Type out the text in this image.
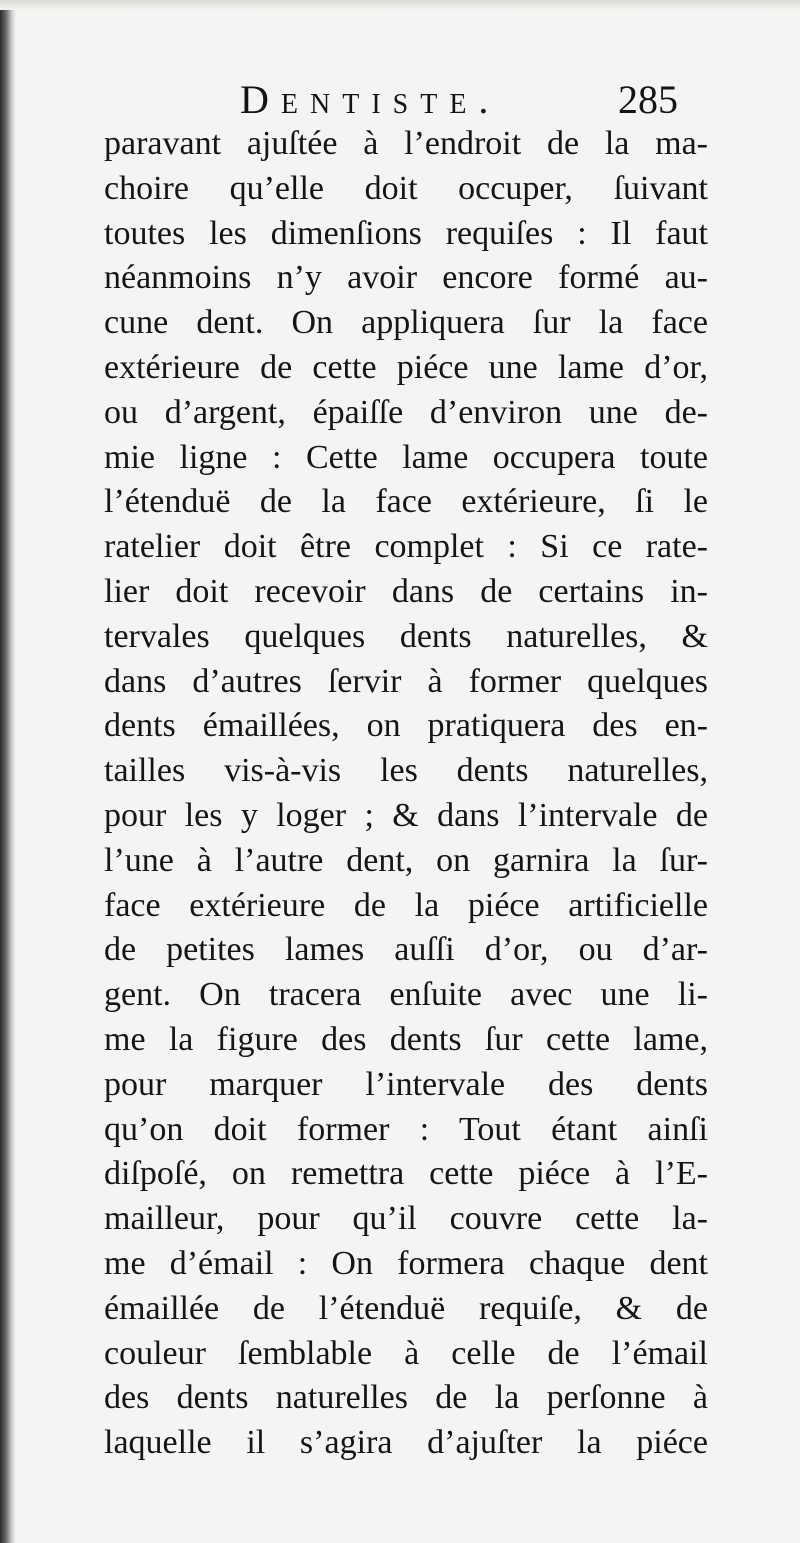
Dentiste.	285
paravant ajuſtée à l’endroit de la ma-
choire qu’elle doit occuper, ſuivant
toutes les dimenſions requiſes : Il faut
néanmoins n’y avoir encore formé au-
cune dent. On appliquera ſur la face
extérieure de cette piéce une lame d’or,
ou d’argent, épaiſſe d’environ une de-
mie ligne : Cette lame occupera toute
l’étenduë de la face extérieure, ſi le
ratelier doit être complet : Si ce rate-
lier doit recevoir dans de certains in-
tervales quelques dents naturelles, &
dans d’autres ſervir à former quelques
dents émaillées, on pratiquera des en-
tailles vis-à-vis les dents naturelles,
pour les y loger ; & dans l’intervale de
l’une à l’autre dent, on garnira la ſur-
face extérieure de la piéce artificielle
de petites lames auſſi d’or, ou d’ar-
gent. On tracera enſuite avec une li-
me la figure des dents ſur cette lame,
pour marquer l’intervale des dents
qu’on doit former : Tout étant ainſi
diſpoſé, on remettra cette piéce à l’E-
mailleur, pour qu’il couvre cette la-
me d’émail : On formera chaque dent
émaillée de l’étenduë requiſe, & de
couleur ſemblable à celle de l’émail
des dents naturelles de la perſonne à
laquelle il s’agira d’ajuſter la piéce
